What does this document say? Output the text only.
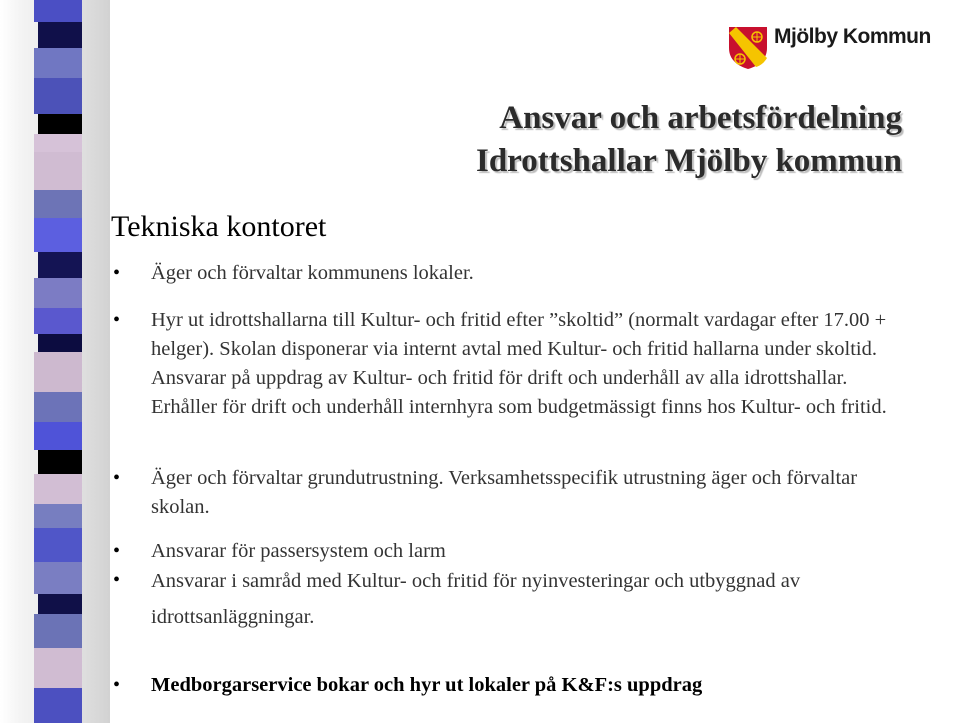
Mjölby Kommun
Ansvar och arbetsfördelning
Idrottshallar Mjölby kommun
Tekniska kontoret
• Äger och förvaltar kommunens lokaler.
• Hyr ut idrottshallarna till Kultur- och fritid efter ”skoltid” (normalt vardagar efter 17.00 + helger). Skolan disponerar via internt avtal med Kultur- och fritid hallarna under skoltid. Ansvarar på uppdrag av Kultur- och fritid för drift och underhåll av alla idrottshallar. Erhåller för drift och underhåll internhyra som budgetmässigt finns hos Kultur- och fritid.
• Äger och förvaltar grundutrustning. Verksamhetsspecifik utrustning äger och förvaltar skolan.
• Ansvarar för passersystem och larm
• Ansvarar i samråd med Kultur- och fritid för nyinvesteringar och utbyggnad av idrottsanläggningar.
• Medborgarservice bokar och hyr ut lokaler på K&F:s uppdrag
